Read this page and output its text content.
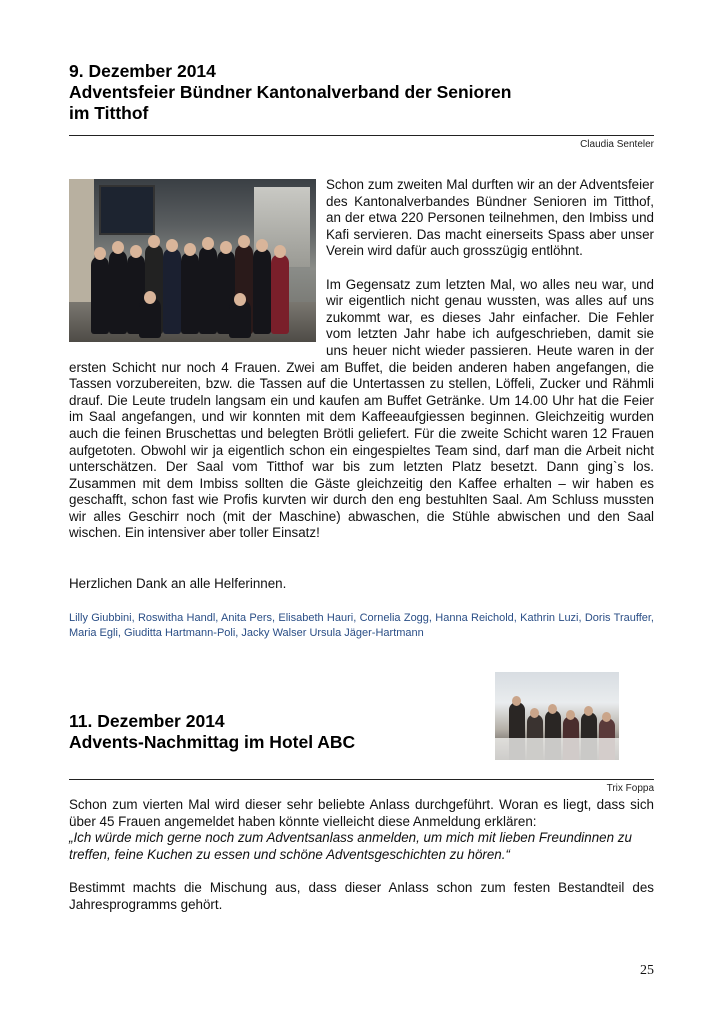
9. Dezember 2014
Adventsfeier Bündner Kantonalverband der Senioren
im Titthof
Claudia Senteler

Schon zum zweiten Mal durften wir an der Adventsfeier des Kantonalverbandes Bündner Senioren im Titthof, an der etwa 220 Personen teilnehmen, den Imbiss und Kafi servieren. Das macht einerseits Spass aber unser Verein wird dafür auch grosszügig entlöhnt.

Im Gegensatz zum letzten Mal, wo alles neu war, und wir eigentlich nicht genau wussten, was alles auf uns zukommt war, es dieses Jahr einfacher. Die Fehler vom letzten Jahr habe ich aufgeschrieben, damit sie uns heuer nicht wieder passieren. Heute waren in der ersten Schicht nur noch 4 Frauen. Zwei am Buffet, die beiden anderen haben angefangen, die Tassen vorzubereiten, bzw. die Tassen auf die Untertassen zu stellen, Löffeli, Zucker und Rähmli drauf. Die Leute trudeln langsam ein und kaufen am Buffet Getränke. Um 14.00 Uhr hat die Feier im Saal angefangen, und wir konnten mit dem Kaffeeaufgiessen beginnen. Gleichzeitig wurden auch die feinen Bruschettas und belegten Brötli geliefert. Für die zweite Schicht waren 12 Frauen aufgetoten. Obwohl wir ja eigentlich schon ein eingespieltes Team sind, darf man die Arbeit nicht unterschätzen. Der Saal vom Titthof war bis zum letzten Platz besetzt. Dann ging`s los. Zusammen mit dem Imbiss sollten die Gäste gleichzeitig den Kaffee erhalten – wir haben es geschafft, schon fast wie Profis kurvten wir durch den eng bestuhlten Saal. Am Schluss mussten wir alles Geschirr noch (mit der Maschine) abwaschen, die Stühle abwischen und den Saal wischen. Ein intensiver aber toller Einsatz!

Herzlichen Dank an alle Helferinnen.

Lilly Giubbini, Roswitha Handl, Anita Pers, Elisabeth Hauri, Cornelia Zogg, Hanna Reichold, Kathrin Luzi, Doris Trauffer, Maria Egli, Giuditta Hartmann-Poli, Jacky Walser Ursula Jäger-Hartmann

11. Dezember 2014
Advents-Nachmittag im Hotel ABC
Trix Foppa

Schon zum vierten Mal wird dieser sehr beliebte Anlass durchgeführt. Woran es liegt, dass sich über 45 Frauen angemeldet haben könnte vielleicht diese Anmeldung erklären:

„Ich würde mich gerne noch zum Adventsanlass anmelden, um mich mit lieben Freundinnen zu treffen, feine Kuchen zu essen und schöne Adventsgeschichten zu hören.“

Bestimmt machts die Mischung aus, dass dieser Anlass schon zum festen Bestandteil des Jahresprogramms gehört.

25
